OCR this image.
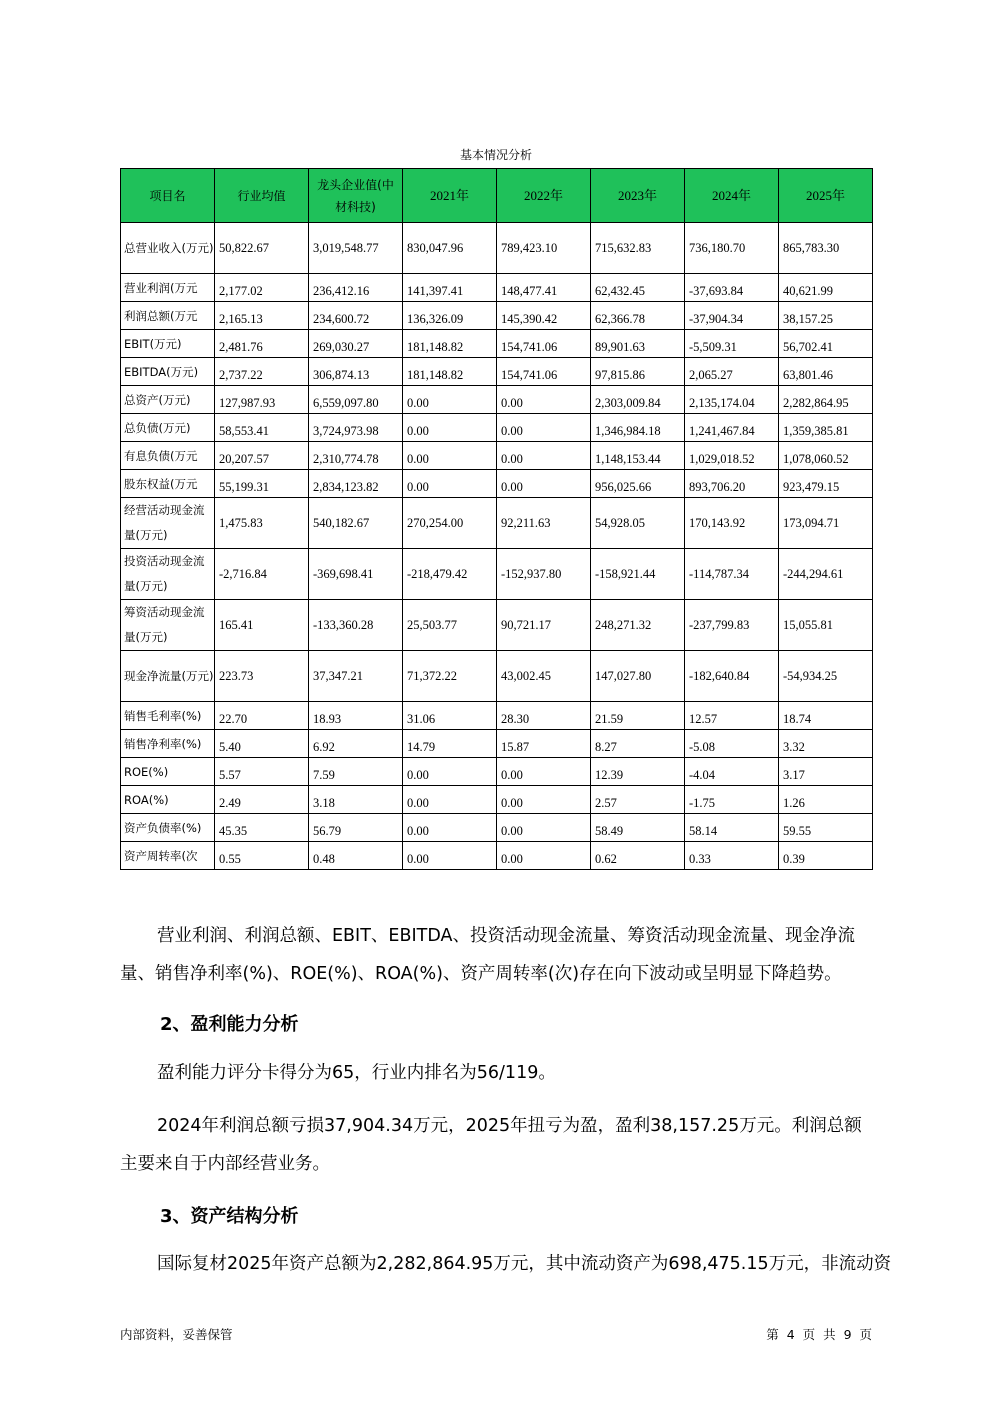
基本情况分析
项目名	行业均值	龙头企业值(中材科技)	2021年	2022年	2023年	2024年	2025年
总营业收入(万元)	50,822.67	3,019,548.77	830,047.96	789,423.10	715,632.83	736,180.70	865,783.30
营业利润(万元	2,177.02	236,412.16	141,397.41	148,477.41	62,432.45	-37,693.84	40,621.99
利润总额(万元	2,165.13	234,600.72	136,326.09	145,390.42	62,366.78	-37,904.34	38,157.25
EBIT(万元)	2,481.76	269,030.27	181,148.82	154,741.06	89,901.63	-5,509.31	56,702.41
EBITDA(万元)	2,737.22	306,874.13	181,148.82	154,741.06	97,815.86	2,065.27	63,801.46
总资产(万元)	127,987.93	6,559,097.80	0.00	0.00	2,303,009.84	2,135,174.04	2,282,864.95
总负债(万元)	58,553.41	3,724,973.98	0.00	0.00	1,346,984.18	1,241,467.84	1,359,385.81
有息负债(万元	20,207.57	2,310,774.78	0.00	0.00	1,148,153.44	1,029,018.52	1,078,060.52
股东权益(万元	55,199.31	2,834,123.82	0.00	0.00	956,025.66	893,706.20	923,479.15
经营活动现金流量(万元)	1,475.83	540,182.67	270,254.00	92,211.63	54,928.05	170,143.92	173,094.71
投资活动现金流量(万元)	-2,716.84	-369,698.41	-218,479.42	-152,937.80	-158,921.44	-114,787.34	-244,294.61
筹资活动现金流量(万元)	165.41	-133,360.28	25,503.77	90,721.17	248,271.32	-237,799.83	15,055.81
现金净流量(万元)	223.73	37,347.21	71,372.22	43,002.45	147,027.80	-182,640.84	-54,934.25
销售毛利率(%)	22.70	18.93	31.06	28.30	21.59	12.57	18.74
销售净利率(%)	5.40	6.92	14.79	15.87	8.27	-5.08	3.32
ROE(%)	5.57	7.59	0.00	0.00	12.39	-4.04	3.17
ROA(%)	2.49	3.18	0.00	0.00	2.57	-1.75	1.26
资产负债率(%)	45.35	56.79	0.00	0.00	58.49	58.14	59.55
资产周转率(次	0.55	0.48	0.00	0.00	0.62	0.33	0.39
营业利润、利润总额、EBIT、EBITDA、投资活动现金流量、筹资活动现金流量、现金净流量、销售净利率(%)、ROE(%)、ROA(%)、资产周转率(次)存在向下波动或呈明显下降趋势。
2、盈利能力分析
盈利能力评分卡得分为65，行业内排名为56/119。
2024年利润总额亏损37,904.34万元，2025年扭亏为盈，盈利38,157.25万元。利润总额主要来自于内部经营业务。
3、资产结构分析
国际复材2025年资产总额为2,282,864.95万元，其中流动资产为698,475.15万元，非流动资
内部资料，妥善保管	第 4 页 共 9 页
